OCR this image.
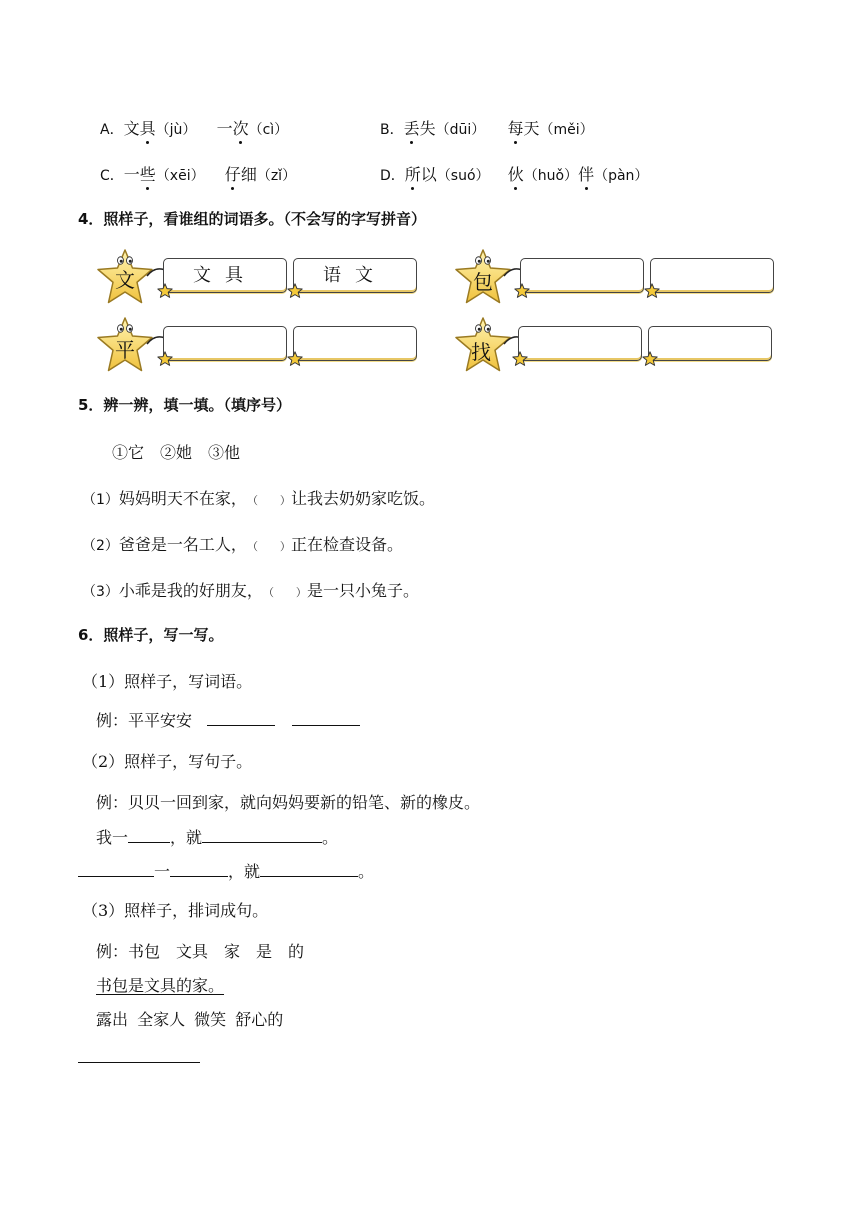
A．文具（jù） 一次（cì）	B．丢失（dūi） 每天（měi）
C．一些（xēi） 仔细（zǐ）	D．所以（suó） 伙（huǒ）伴（pàn）
4．照样子，看谁组的词语多。（不会写的字写拼音）
文	文具	语文	包
平	找
5．辨一辨，填一填。（填序号）
①它　②她　③他
（1）妈妈明天不在家，（　　）让我去奶奶家吃饭。
（2）爸爸是一名工人，（　　）正在检查设备。
（3）小乖是我的好朋友，（　　）是一只小兔子。
6．照样子，写一写。
（1）照样子，写词语。
例：平平安安
（2）照样子，写句子。
例：贝贝一回到家，就向妈妈要新的铅笔、新的橡皮。
我一	，就	。
一	，就	。
（3）照样子，排词成句。
例：书包　文具　家　是　的
书包是文具的家。
露出 全家人 微笑 舒心的
